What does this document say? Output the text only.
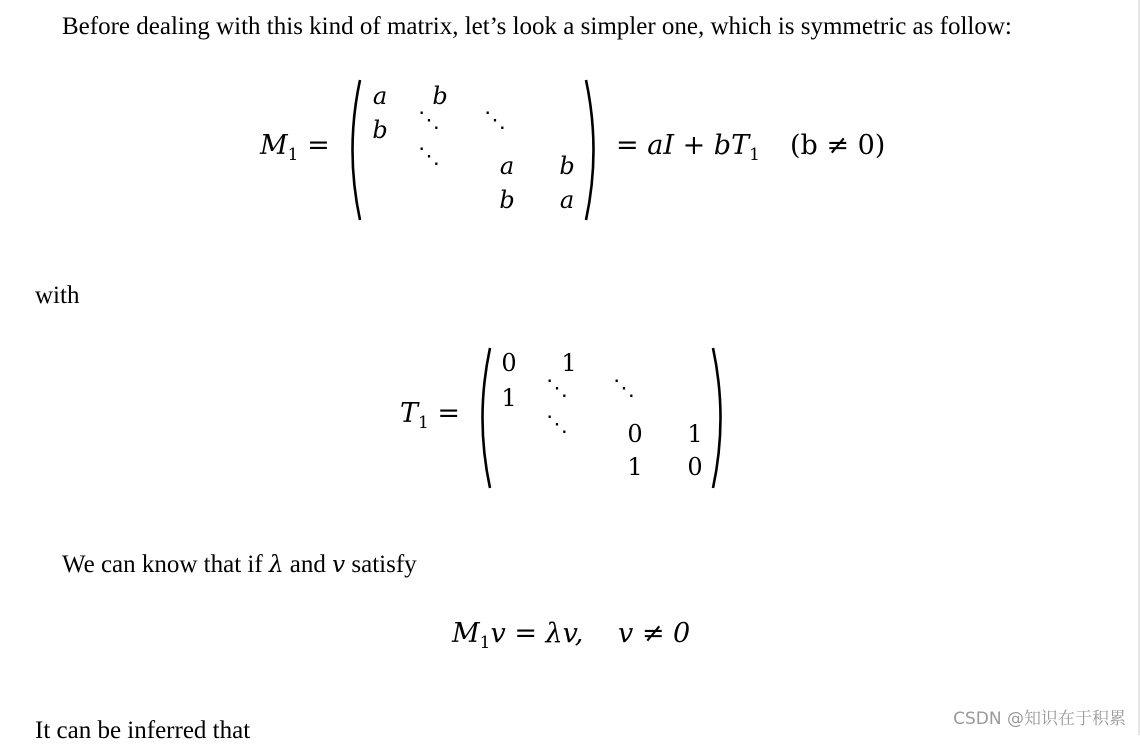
Before dealing with this kind of matrix, let’s look a simpler one, which is symmetric as follow:
$M_1$ =
a	b
b	⋱ ⋱
⋱	a	b
b	a
= aI + $bT_1$ (b ≠ 0)
with
$T_1$ =
0	1
1	⋱ ⋱
⋱	0	1
1	0
We can know that if λ and v satisfy
$M_1v = \lambda v$, v ≠ 0
It can be inferred that	CSDN @知识在于积累
